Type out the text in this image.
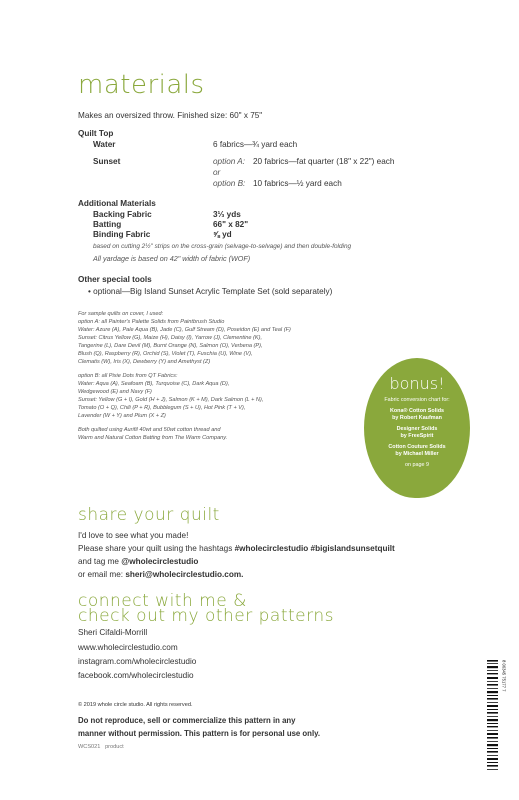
materials
Makes an oversized throw. Finished size: 60" x 75"
Quilt Top
Water	6 fabrics—¾ yard each
Sunset	option A: 20 fabrics—fat quarter (18" x 22") each
or
option B: 10 fabrics—½ yard each
Additional Materials
Backing Fabric	3⅓ yds
Batting	66" x 82"
Binding Fabric	⅝ yd
based on cutting 2½" strips on the cross-grain (selvage-to-selvage) and then double-folding
All yardage is based on 42" width of fabric (WOF)
Other special tools
• optional—Big Island Sunset Acrylic Template Set (sold separately)
For sample quilts on cover, I used:
option A: all Painter's Palette Solids from Paintbrush Studio
Water: Azure (A), Pale Aqua (B), Jade (C), Gulf Stream (D), Poseidon (E) and Teal (F)
Sunset: Citrus Yellow (G), Maize (H), Daisy (I), Yarrow (J), Clementine (K),
Tangerine (L), Dare Devil (M), Burnt Orange (N), Salmon (O), Verbena (P),
Blush (Q), Raspberry (R), Orchid (S), Violet (T), Fuschia (U), Wine (V),
Clematis (W), Iris (X), Dewberry (Y) and Amethyst (Z)
option B: all Pixie Dots from QT Fabrics:
Water: Aqua (A), Seafoam (B), Turquoise (C), Dark Aqua (D),
Wedgewood (E) and Navy (F)
Sunset: Yellow (G + I), Gold (H + J), Salmon (K + M), Dark Salmon (L + N),
Tomato (O + Q), Chili (P + R), Bubblegum (S + U), Hot Pink (T + V),
Lavender (W + Y) and Plum (X + Z)
Both quilted using Aurifil 40wt and 50wt cotton thread and
Warm and Natural Cotton Batting from The Warm Company.
bonus!
Fabric conversion chart for:
Kona® Cotton Solids
by Robert Kaufman
Designer Solids
by FreeSpirit
Cotton Couture Solids
by Michael Miller
on page 9
share your quilt
I'd love to see what you made!
Please share your quilt using the hashtags #wholecirclestudio #bigislandsunsetquilt
and tag me @wholecirclestudio
or email me: sheri@wholecirclestudio.com.
connect with me &
check out my other patterns
Sheri Cifaldi-Morrill
www.wholecirclestudio.com
instagram.com/wholecirclestudio
facebook.com/wholecirclestudio
© 2019 whole circle studio. All rights reserved.
Do not reproduce, sell or commercialize this pattern in any
manner without permission. This pattern is for personal use only.
WCS021 product
8 06345 75177 7
